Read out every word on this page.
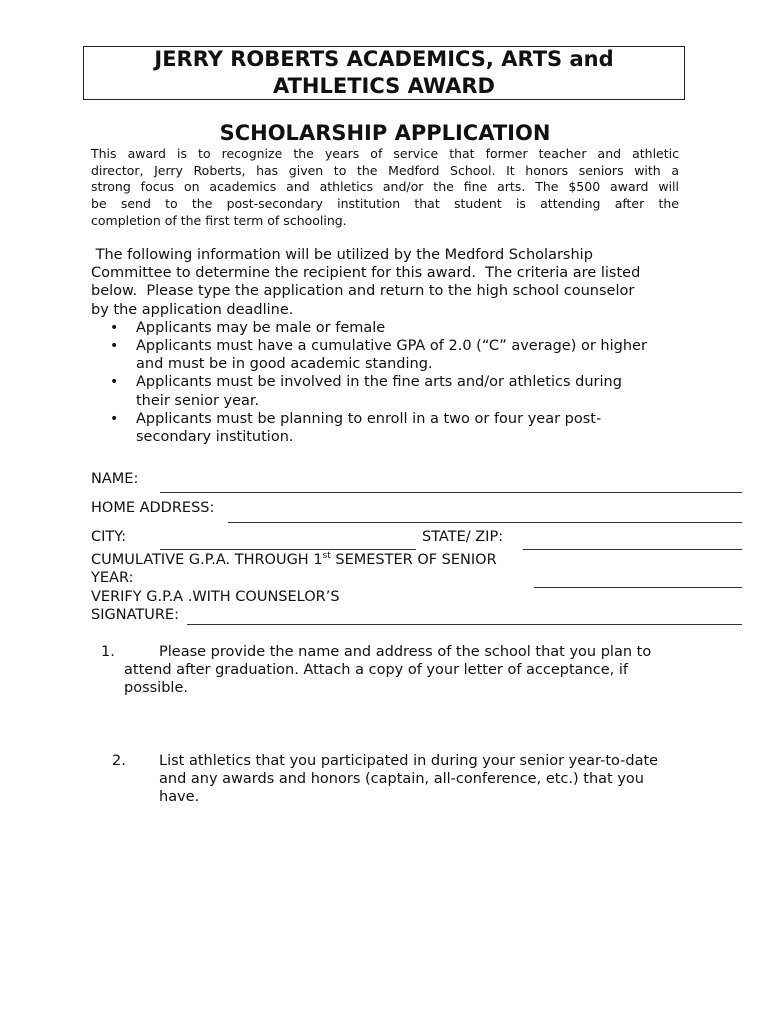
JERRY ROBERTS ACADEMICS, ARTS and
ATHLETICS AWARD
SCHOLARSHIP APPLICATION
This award is to recognize the years of service that former teacher and athletic
director, Jerry Roberts, has given to the Medford School. It honors seniors with a
strong focus on academics and athletics and/or the fine arts. The $500 award will
be send to the post-secondary institution that student is attending after the
completion of the first term of schooling.

The following information will be utilized by the Medford Scholarship Committee to determine the recipient for this award.  The criteria are listed below.  Please type the application and return to the high school counselor by the application deadline.

• Applicants may be male or female
• Applicants must have a cumulative GPA of 2.0 (“C” average) or higher and must be in good academic standing.
• Applicants must be involved in the fine arts and/or athletics during their senior year.
• Applicants must be planning to enroll in a two or four year post-secondary institution.
NAME:
HOME ADDRESS:
CITY:	STATE/ ZIP:
CUMULATIVE G.P.A. THROUGH 1st SEMESTER OF SENIOR
YEAR:
VERIFY G.P.A .WITH COUNSELOR’S
SIGNATURE:
1.	Please provide the name and address of the school that you plan to
attend after graduation. Attach a copy of your letter of acceptance, if
possible.
2. List athletics that you participated in during your senior year-to-date
and any awards and honors (captain, all-conference, etc.) that you
have.
